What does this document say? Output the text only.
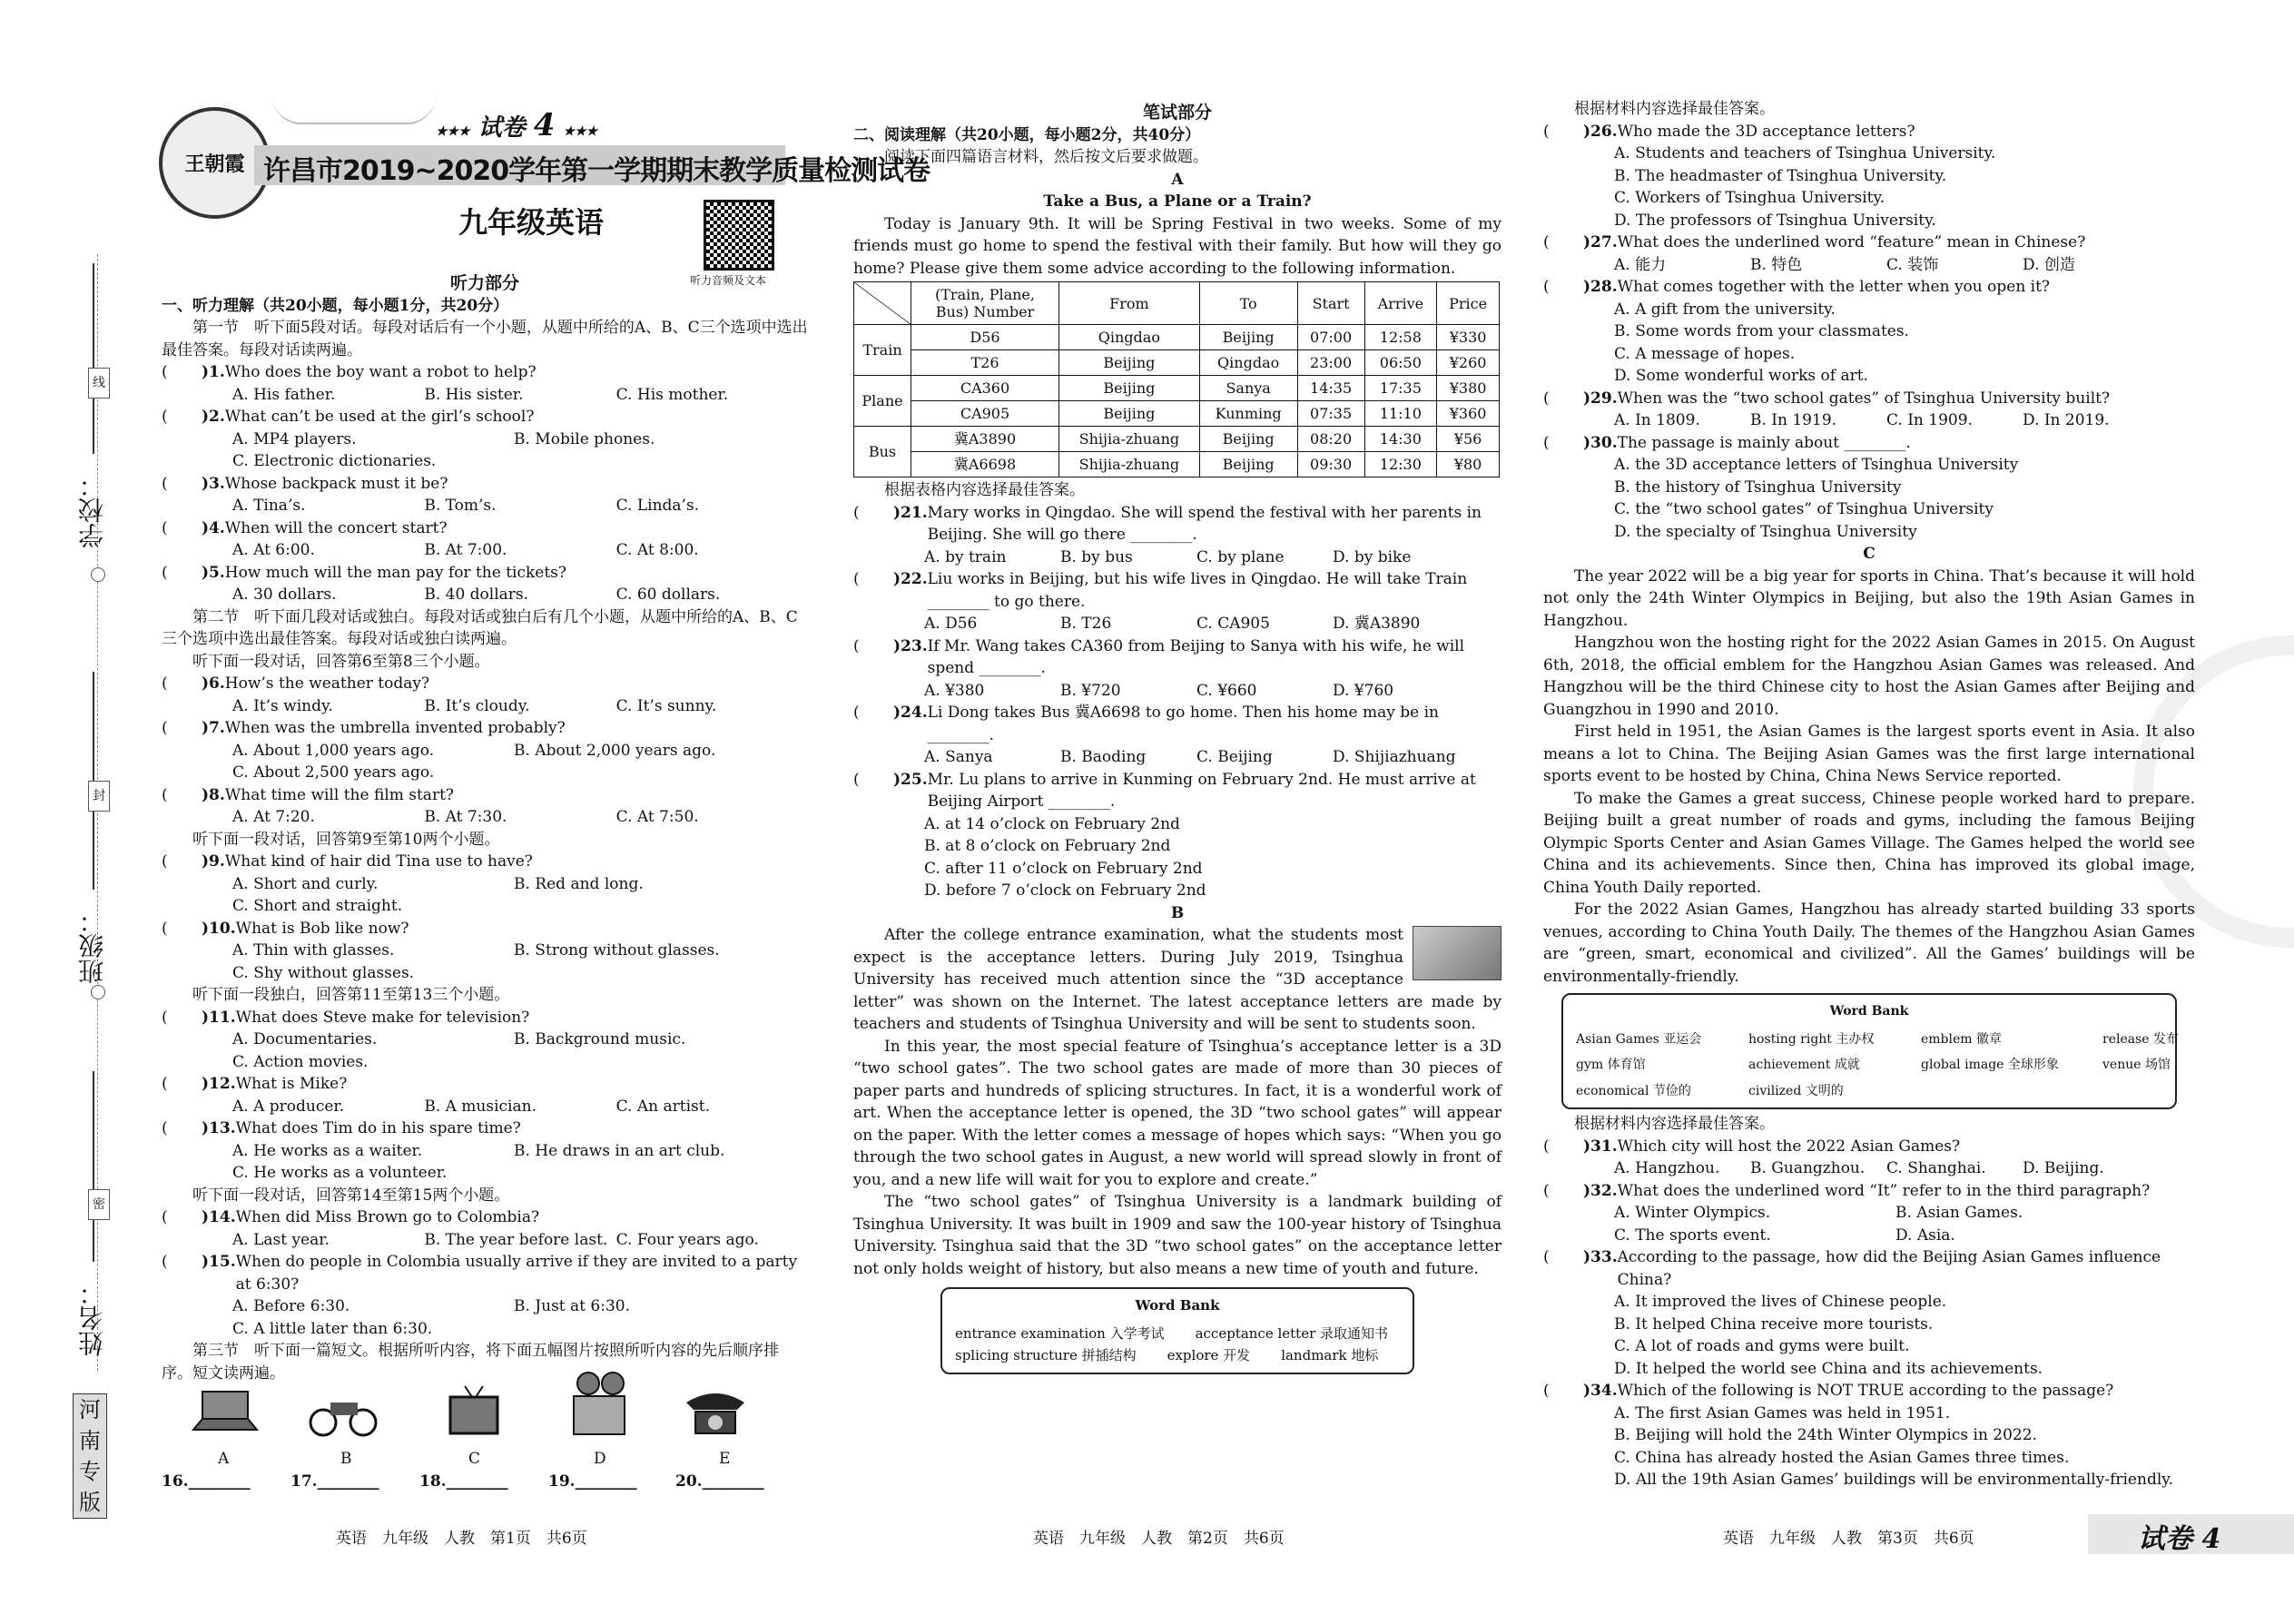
学校：
班级：
姓名：
线
封
密
河
南
专
版
王朝霞
★★★ 试卷 4 ★★★
许昌市2019~2020学年第一学期期末教学质量检测试卷
九年级英语
听力音频及文本

听力部分

一、听力理解（共20小题，每小题1分，共20分）

第一节　听下面5段对话。每段对话后有一个小题，从题中所给的A、B、C三个选项中选出最佳答案。每段对话读两遍。

(	)1. Who does the boy want a robot to help?
A. His father.	B. His sister.	C. His mother.
(	)2. What can’t be used at the girl’s school?
A. MP4 players.	B. Mobile phones.
C. Electronic dictionaries.
(	)3. Whose backpack must it be?
A. Tina’s.	B. Tom’s.	C. Linda’s.
(	)4. When will the concert start?
A. At 6:00.	B. At 7:00.	C. At 8:00.
(	)5. How much will the man pay for the tickets?
A. 30 dollars.	B. 40 dollars.	C. 60 dollars.

第二节　听下面几段对话或独白。每段对话或独白后有几个小题，从题中所给的A、B、C三个选项中选出最佳答案。每段对话或独白读两遍。

听下面一段对话，回答第6至第8三个小题。

(	)6. How’s the weather today?
A. It’s windy.	B. It’s cloudy.	C. It’s sunny.
(	)7. When was the umbrella invented probably?
A. About 1,000 years ago.	B. About 2,000 years ago.
C. About 2,500 years ago.
(	)8. What time will the film start?
A. At 7:20.	B. At 7:30.	C. At 7:50.

听下面一段对话，回答第9至第10两个小题。

(	)9. What kind of hair did Tina use to have?
A. Short and curly.	B. Red and long.
C. Short and straight.
(	)10. What is Bob like now?
A. Thin with glasses.	B. Strong without glasses.
C. Shy without glasses.

听下面一段独白，回答第11至第13三个小题。

(	)11. What does Steve make for television?
A. Documentaries.	B. Background music.
C. Action movies.
(	)12. What is Mike?
A. A producer.	B. A musician.	C. An artist.
(	)13. What does Tim do in his spare time?
A. He works as a waiter.	B. He draws in an art club.
C. He works as a volunteer.

听下面一段对话，回答第14至第15两个小题。

(	)14. When did Miss Brown go to Colombia?
A. Last year.	B. The year before last. C. Four years ago.
(	)15. When do people in Colombia usually arrive if they are invited to a party at 6:30?
A. Before 6:30.	B. Just at 6:30.
C. A little later than 6:30.

第三节　听下面一篇短文。根据所听内容，将下面五幅图片按照所听内容的先后顺序排序。短文读两遍。

A	B	C	D	E
16.________	17.________	18.________	19.________ 20.________

笔试部分

二、阅读理解（共20小题，每小题2分，共40分）

阅读下面四篇语言材料，然后按文后要求做题。

A

Take a Bus, a Plane or a Train?

Today is January 9th. It will be Spring Festival in two weeks. Some of my friends must go home to spend the festival with their family. But how will they go home? Please give them some advice according to the following information.

	(Train, Plane, Bus) Number	From	To	Start	Arrive	Price
Train	D56	Qingdao	Beijing	07:00	12:58	¥330
	T26	Beijing	Qingdao	23:00	06:50	¥260
Plane	CA360	Beijing	Sanya	14:35	17:35	¥380
	CA905	Beijing	Kunming	07:35	11:10	¥360
Bus	冀A3890	Shijia-zhuang	Beijing	08:20	14:30	¥56
	冀A6698	Shijia-zhuang	Beijing	09:30	12:30	¥80

根据表格内容选择最佳答案。

(	)21. Mary works in Qingdao. She will spend the festival with her parents in Beijing. She will go there ________.
A. by train	B. by bus	C. by plane	D. by bike
(	)22. Liu works in Beijing, but his wife lives in Qingdao. He will take Train ________ to go there.
A. D56	B. T26	C. CA905	D. 冀A3890
(	)23. If Mr. Wang takes CA360 from Beijing to Sanya with his wife, he will spend ________.
A. ¥380	B. ¥720	C. ¥660	D. ¥760
(	)24. Li Dong takes Bus 冀A6698 to go home. Then his home may be in ________.
A. Sanya	B. Baoding	C. Beijing	D. Shijiazhuang
(	)25. Mr. Lu plans to arrive in Kunming on February 2nd. He must arrive at Beijing Airport ________.
A. at 14 o’clock on February 2nd
B. at 8 o’clock on February 2nd
C. after 11 o’clock on February 2nd
D. before 7 o’clock on February 2nd

B

After the college entrance examination, what the students most expect is the acceptance letters. During July 2019, Tsinghua University has received much attention since the “3D acceptance letter” was shown on the Internet. The latest acceptance letters are made by teachers and students of Tsinghua University and will be sent to students soon.

In this year, the most special feature of Tsinghua’s acceptance letter is a 3D “two school gates”. The two school gates are made of more than 30 pieces of paper parts and hundreds of splicing structures. In fact, it is a wonderful work of art. When the acceptance letter is opened, the 3D “two school gates” will appear on the paper. With the letter comes a message of hopes which says: “When you go through the two school gates in August, a new world will spread slowly in front of you, and a new life will wait for you to explore and create.”

The “two school gates” of Tsinghua University is a landmark building of Tsinghua University. It was built in 1909 and saw the 100-year history of Tsinghua University. Tsinghua said that the 3D “two school gates” on the acceptance letter not only holds weight of history, but also means a new time of youth and future.

Word Bank
entrance examination 入学考试 acceptance letter 录取通知书
splicing structure 拼插结构 explore 开发 landmark 地标

根据材料内容选择最佳答案。

(	)26. Who made the 3D acceptance letters?
A. Students and teachers of Tsinghua University.
B. The headmaster of Tsinghua University.
C. Workers of Tsinghua University.
D. The professors of Tsinghua University.
(	)27. What does the underlined word “feature” mean in Chinese?
A. 能力	B. 特色	C. 装饰	D. 创造
(	)28. What comes together with the letter when you open it?
A. A gift from the university.
B. Some words from your classmates.
C. A message of hopes.
D. Some wonderful works of art.
(	)29. When was the “two school gates” of Tsinghua University built?
A. In 1809.	B. In 1919.	C. In 1909.	D. In 2019.
(	)30. The passage is mainly about ________.
A. the 3D acceptance letters of Tsinghua University
B. the history of Tsinghua University
C. the “two school gates” of Tsinghua University
D. the specialty of Tsinghua University

C

The year 2022 will be a big year for sports in China. That’s because it will hold not only the 24th Winter Olympics in Beijing, but also the 19th Asian Games in Hangzhou.

Hangzhou won the hosting right for the 2022 Asian Games in 2015. On August 6th, 2018, the official emblem for the Hangzhou Asian Games was released. And Hangzhou will be the third Chinese city to host the Asian Games after Beijing and Guangzhou in 1990 and 2010.

First held in 1951, the Asian Games is the largest sports event in Asia. It also means a lot to China. The Beijing Asian Games was the first large international sports event to be hosted by China, China News Service reported.

To make the Games a great success, Chinese people worked hard to prepare. Beijing built a great number of roads and gyms, including the famous Beijing Olympic Sports Center and Asian Games Village. The Games helped the world see China and its achievements. Since then, China has improved its global image, China Youth Daily reported.

For the 2022 Asian Games, Hangzhou has already started building 33 sports venues, according to China Youth Daily. The themes of the Hangzhou Asian Games are “green, smart, economical and civilized”. All the Games’ buildings will be environmentally-friendly.

Word Bank
Asian Games 亚运会	hosting right 主办权	emblem 徽章	release 发布
gym 体育馆	achievement 成就	global image 全球形象	venue 场馆
economical 节俭的	civilized 文明的

根据材料内容选择最佳答案。

(	)31. Which city will host the 2022 Asian Games?
A. Hangzhou.	B. Guangzhou.	C. Shanghai.	D. Beijing.
(	)32. What does the underlined word “It” refer to in the third paragraph?
A. Winter Olympics.	B. Asian Games.
C. The sports event.	D. Asia.
(	)33. According to the passage, how did the Beijing Asian Games influence China?
A. It improved the lives of Chinese people.
B. It helped China receive more tourists.
C. A lot of roads and gyms were built.
D. It helped the world see China and its achievements.
(	)34. Which of the following is NOT TRUE according to the passage?
A. The first Asian Games was held in 1951.
B. Beijing will hold the 24th Winter Olympics in 2022.
C. China has already hosted the Asian Games three times.
D. All the 19th Asian Games’ buildings will be environmentally-friendly.
英语　九年级　人教　第1页　共6页	英语　九年级　人教　第2页　共6页	英语　九年级　人教　第3页　共6页	试卷 4
